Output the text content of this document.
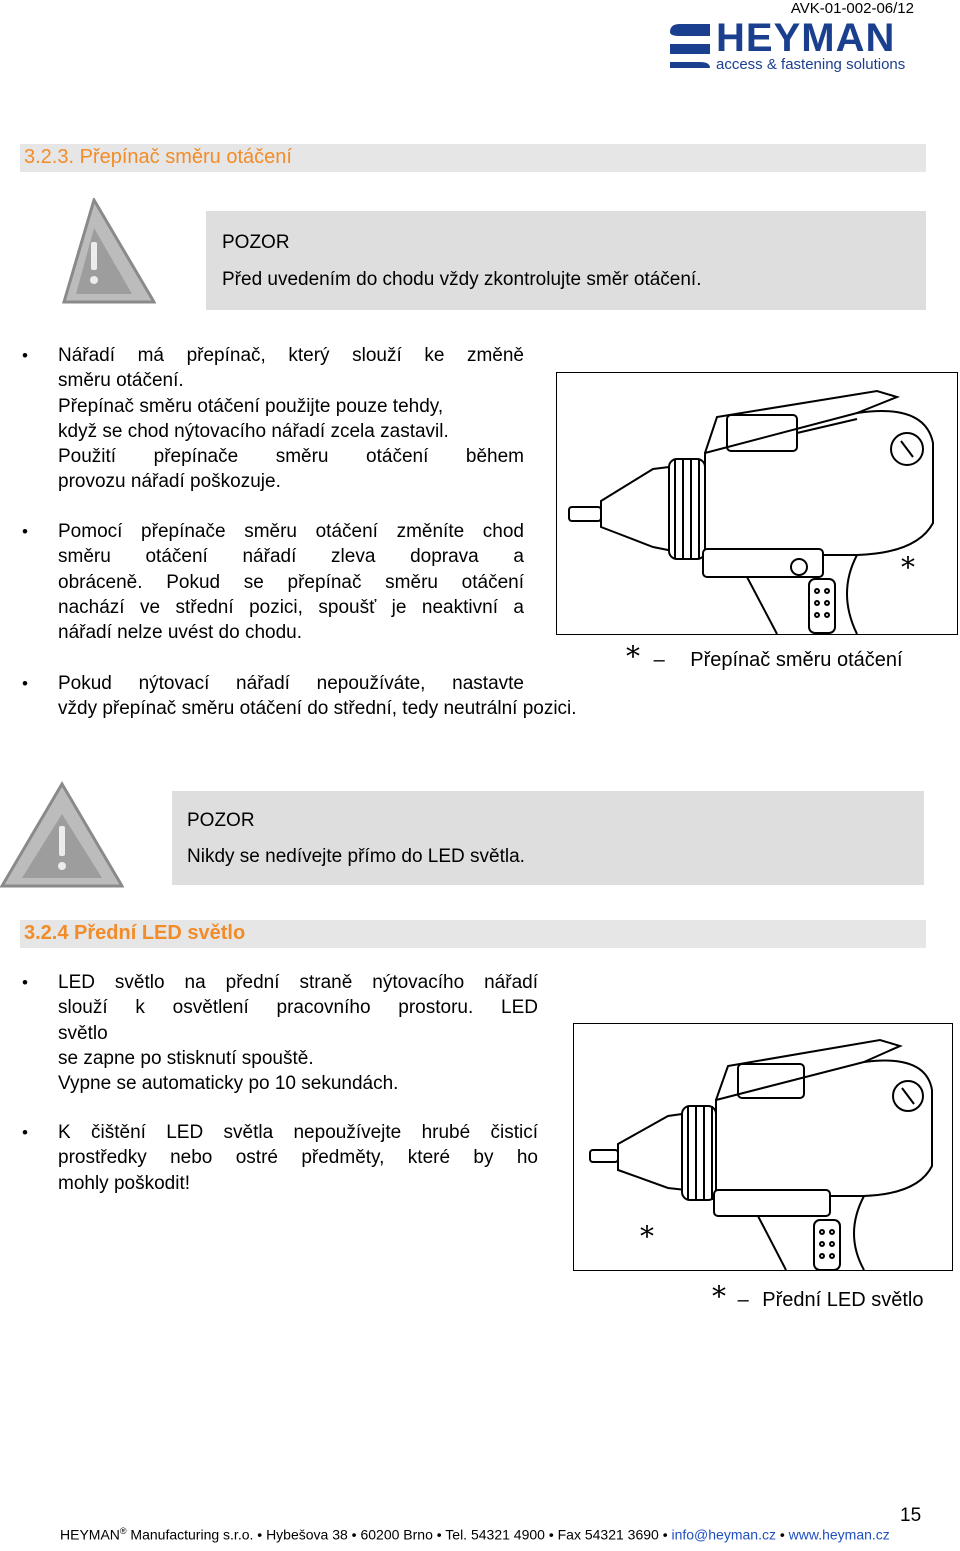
AVK-01-002-06/12
HEYMAN
access & fastening solutions
3.2.3. Přepínač směru otáčení
POZOR
Před uvedením do chodu vždy zkontrolujte směr otáčení.
• Nářadí má přepínač, který slouží ke změně
směru otáčení.
Přepínač směru otáčení použijte pouze tehdy,
když se chod nýtovacího nářadí zcela zastavil.
Použití přepínače směru otáčení během
provozu nářadí poškozuje.
• Pomocí přepínače směru otáčení změníte chod
směru otáčení nářadí zleva doprava a
obráceně. Pokud se přepínač směru otáčení
nachází ve střední pozici, spoušť je neaktivní a
nářadí nelze uvést do chodu.
*
* – Přepínač směru otáčení
• Pokud nýtovací nářadí nepoužíváte, nastavte
vždy přepínač směru otáčení do střední, tedy neutrální pozici.
POZOR
Nikdy se nedívejte přímo do LED světla.
3.2.4 Přední LED světlo
• LED světlo na přední straně nýtovacího nářadí
slouží k osvětlení pracovního prostoru. LED
světlo
se zapne po stisknutí spouště.
Vypne se automaticky po 10 sekundách.
• K čištění LED světla nepoužívejte hrubé čisticí
prostředky nebo ostré předměty, které by ho
mohly poškodit!
*
* – Přední LED světlo
15
HEYMAN® Manufacturing s.r.o. • Hybešova 38 • 60200 Brno • Tel. 54321 4900 • Fax 54321 3690 • info@heyman.cz • www.heyman.cz
